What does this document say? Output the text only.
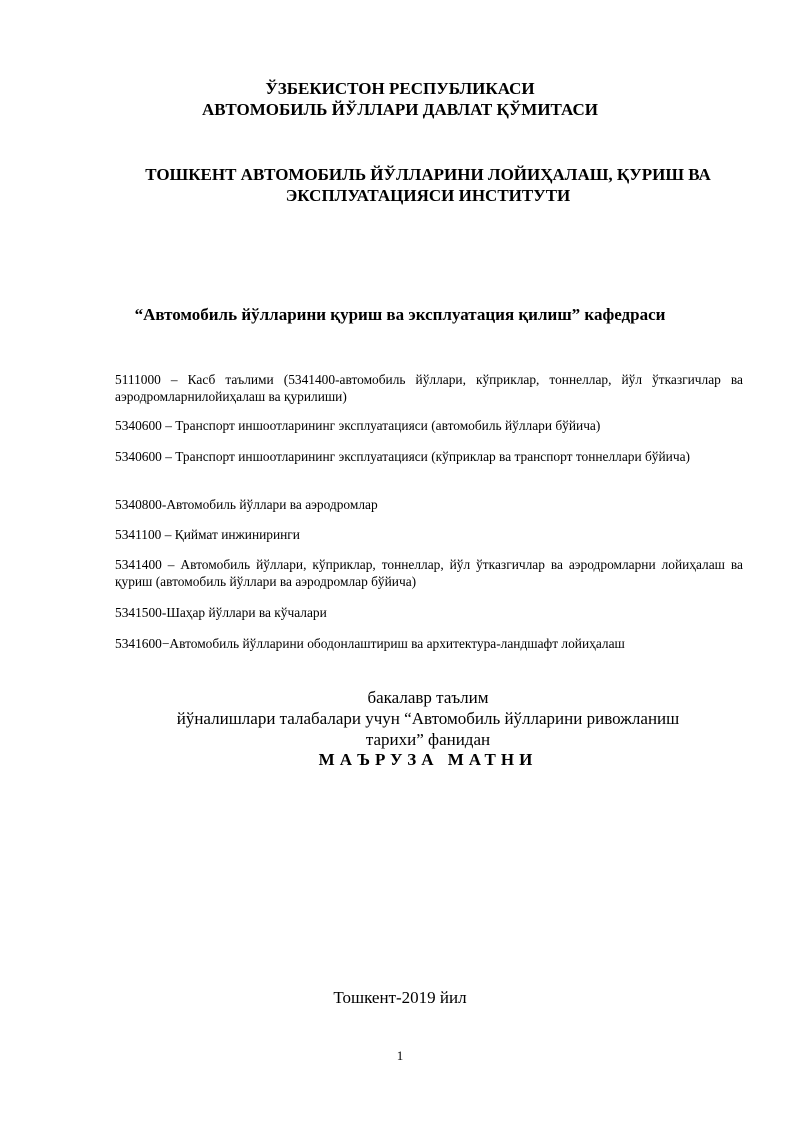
ЎЗБЕКИСТОН РЕСПУБЛИКАСИ
АВТОМОБИЛЬ ЙЎЛЛАРИ ДАВЛАТ ҚЎМИТАСИ
ТОШКЕНТ АВТОМОБИЛЬ ЙЎЛЛАРИНИ ЛОЙИҲАЛАШ, ҚУРИШ ВА
ЭКСПЛУАТАЦИЯСИ ИНСТИТУТИ
“Автомобиль йўлларини қуриш ва эксплуатация қилиш” кафедраси
5111000 – Касб таълими (5341400-автомобиль йўллари, кўприклар, тоннеллар, йўл ўтказгичлар ва аэродромларнилойиҳалаш ва қурилиши)
5340600 – Транспорт иншоотларининг эксплуатацияси (автомобиль йўллари бўйича)
5340600 – Транспорт иншоотларининг эксплуатацияси (кўприклар ва транспорт тоннеллари бўйича)
5340800-Автомобиль йўллари ва аэродромлар
5341100 – Қиймат инжиниринги
5341400 – Автомобиль йўллари, кўприклар, тоннеллар, йўл ўтказгичлар ва аэродромларни лойиҳалаш ва қуриш (автомобиль йўллари ва аэродромлар бўйича)
5341500-Шаҳар йўллари ва кўчалари
5341600−Автомобиль йўлларини ободонлаштириш ва архитектура-ландшафт лойиҳалаш
бакалавр таълим
йўналишлари талабалари учун “Автомобиль йўлларини ривожланиш
тарихи” фанидан
МАЪРУЗА МАТНИ
Тошкент-2019 йил
1
